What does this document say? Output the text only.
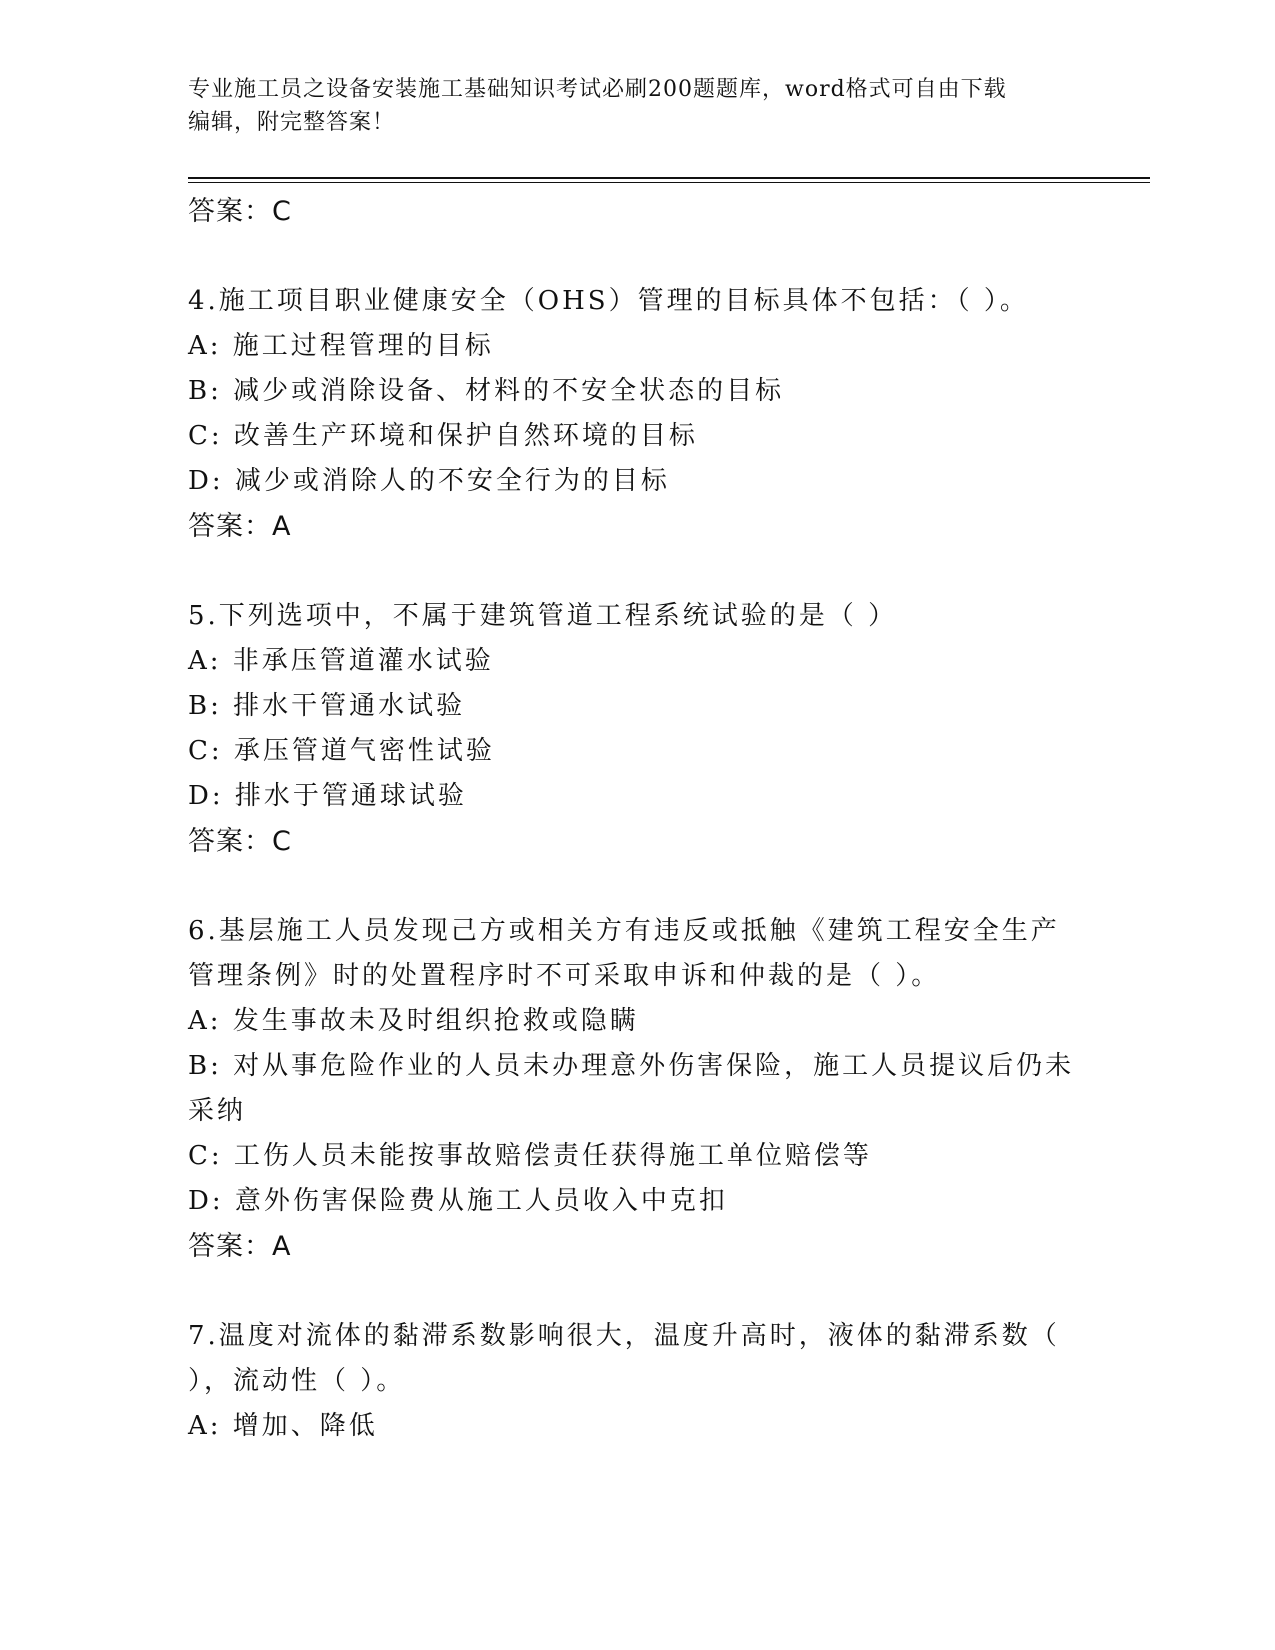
专业施工员之设备安装施工基础知识考试必刷200题题库，word格式可自由下载
编辑，附完整答案！
答案：C
4.施工项目职业健康安全（OHS）管理的目标具体不包括：（ ）。
A: 施工过程管理的目标
B: 减少或消除设备、材料的不安全状态的目标
C: 改善生产环境和保护自然环境的目标
D: 减少或消除人的不安全行为的目标
答案：A
5.下列选项中，不属于建筑管道工程系统试验的是（ ）
A: 非承压管道灌水试验
B: 排水干管通水试验
C: 承压管道气密性试验
D: 排水于管通球试验
答案：C
6.基层施工人员发现己方或相关方有违反或抵触《建筑工程安全生产
管理条例》时的处置程序时不可采取申诉和仲裁的是（ ）。
A: 发生事故未及时组织抢救或隐瞒
B: 对从事危险作业的人员未办理意外伤害保险，施工人员提议后仍未
采纳
C: 工伤人员未能按事故赔偿责任获得施工单位赔偿等
D: 意外伤害保险费从施工人员收入中克扣
答案：A
7.温度对流体的黏滞系数影响很大，温度升高时，液体的黏滞系数（
），流动性（ ）。
A: 增加、降低
